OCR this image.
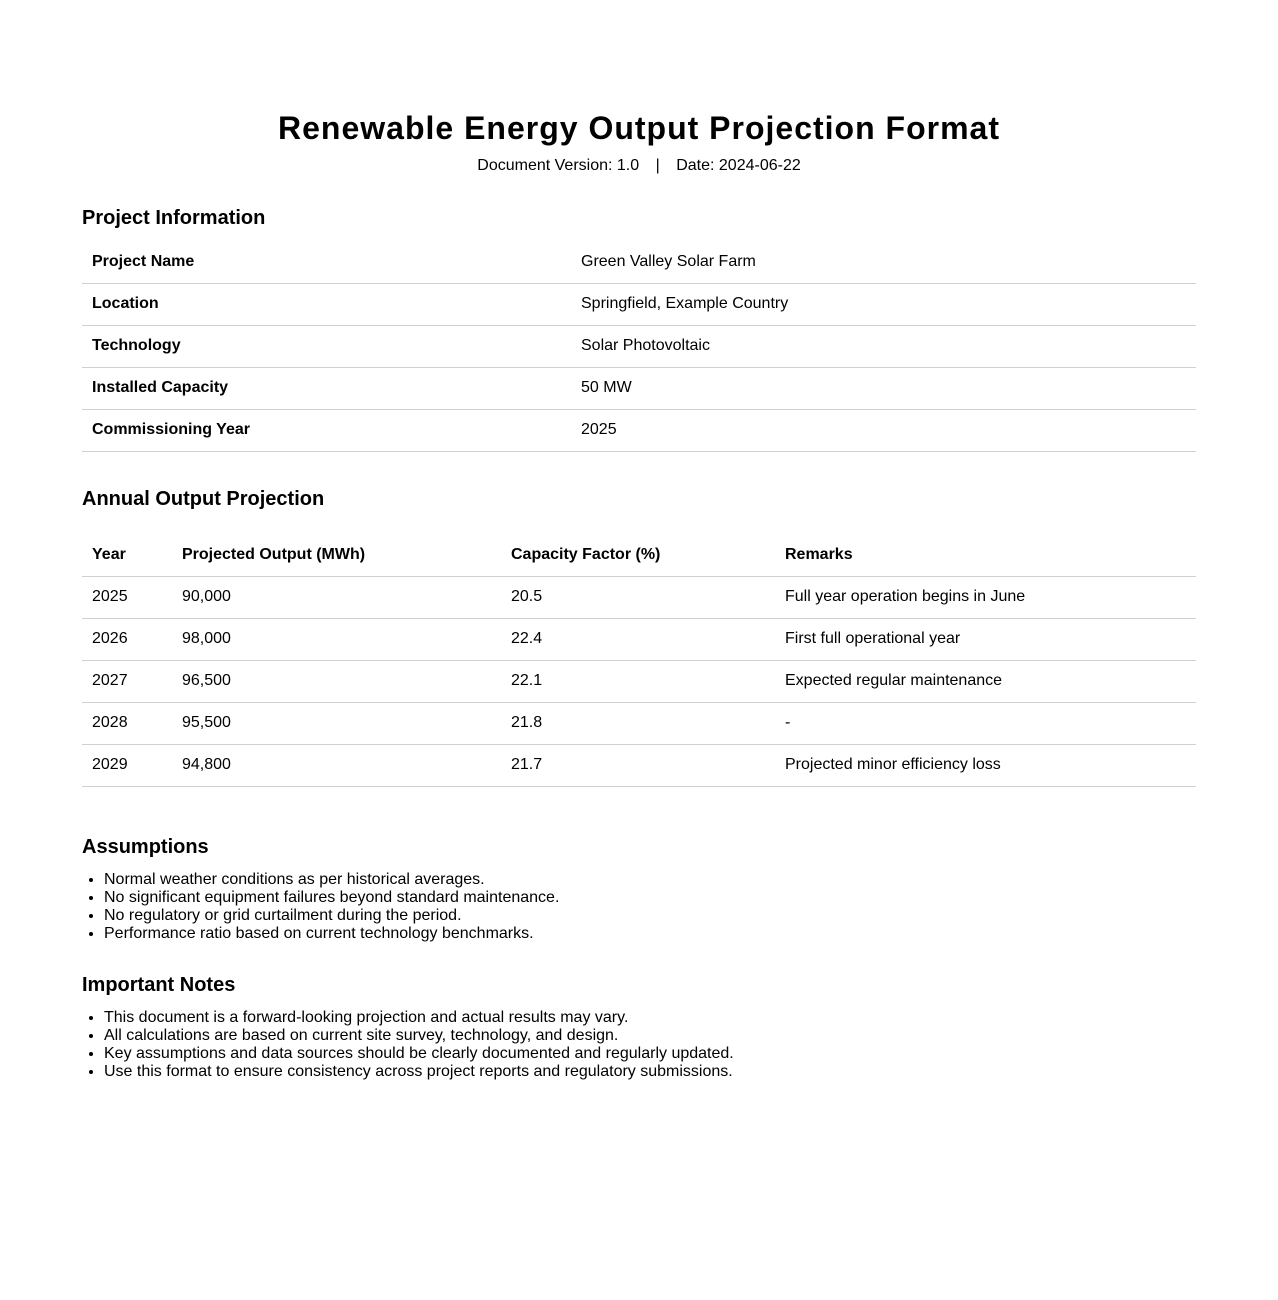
Renewable Energy Output Projection Format

Document Version: 1.0 | Date: 2024-06-22

Project Information
Project Name	Green Valley Solar Farm
Location	Springfield, Example Country
Technology	Solar Photovoltaic
Installed Capacity	50 MW
Commissioning Year	2025
Annual Output Projection
Year	Projected Output (MWh)	Capacity Factor (%)	Remarks
2025	90,000	20.5	Full year operation begins in June
2026	98,000	22.4	First full operational year
2027	96,500	22.1	Expected regular maintenance
2028	95,500	21.8	-
2029	94,800	21.7	Projected minor efficiency loss
Assumptions
• Normal weather conditions as per historical averages.
• No significant equipment failures beyond standard maintenance.
• No regulatory or grid curtailment during the period.
• Performance ratio based on current technology benchmarks.
Important Notes
• This document is a forward-looking projection and actual results may vary.
• All calculations are based on current site survey, technology, and design.
• Key assumptions and data sources should be clearly documented and regularly updated.
• Use this format to ensure consistency across project reports and regulatory submissions.
